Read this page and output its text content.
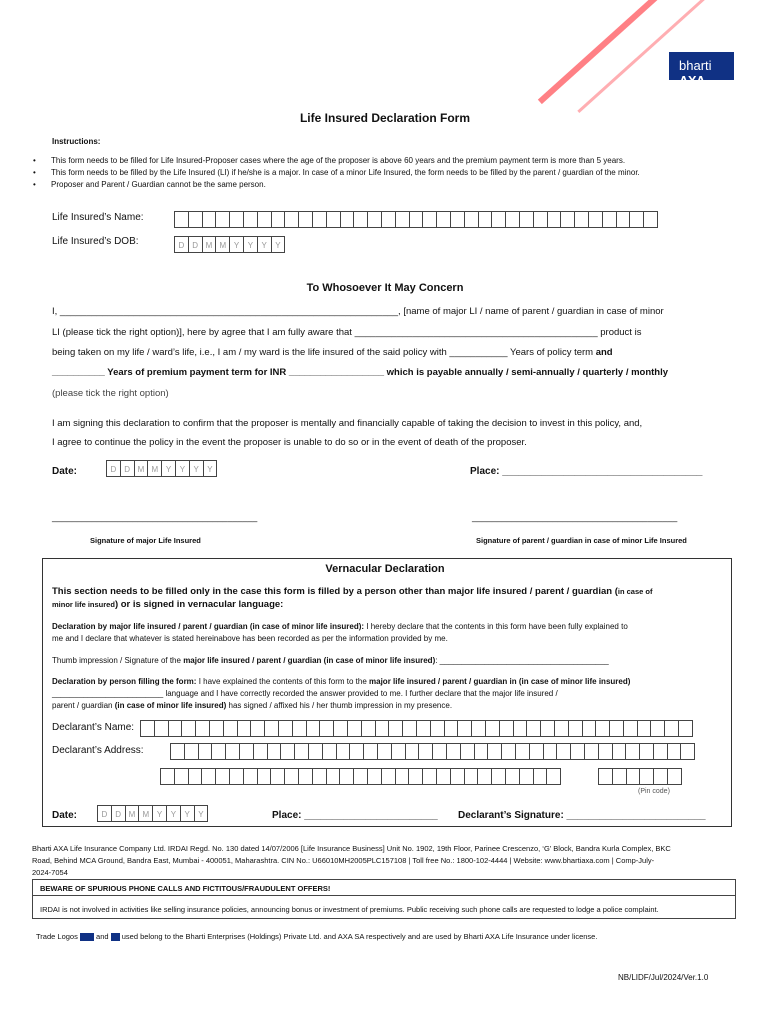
bharti AXA
Life Insured Declaration Form
Instructions:
• This form needs to be filled for Life Insured-Proposer cases where the age of the proposer is above 60 years and the premium payment term is more than 5 years.
• This form needs to be filled by the Life Insured (LI) if he/she is a major. In case of a minor Life Insured, the form needs to be filled by the parent / guardian of the minor.
• Proposer and Parent / Guardian cannot be the same person.
Life Insured’s Name:
Life Insured’s DOB:	D	D M M Y	Y	Y	Y
To Whosoever It May Concern
I, ________________________________________________________________, [name of major LI / name of parent / guardian in case of minor
LI (please tick the right option)], here by agree that I am fully aware that ______________________________________________ product is
being taken on my life / ward’s life, i.e., I am / my ward is the life insured of the said policy with ___________ Years of policy term and
__________ Years of premium payment term for INR __________________ which is payable annually / semi-annually / quarterly / monthly
(please tick the right option)
I am signing this declaration to confirm that the proposer is mentally and financially capable of taking the decision to invest in this policy, and,
I agree to continue the policy in the event the proposer is unable to do so or in the event of death of the proposer.
Date:	D	D M M Y	Y	Y	Y	Place: ____________________________________
_________________________________________	_________________________________________
Signature of major Life Insured	Signature of parent / guardian in case of minor Life Insured
Vernacular Declaration
This section needs to be filled only in the case this form is filled by a person other than major life insured / parent / guardian (in case of
minor life insured) or is signed in vernacular language:
Declaration by major life insured / parent / guardian (in case of minor life insured): I hereby declare that the contents in this form have been fully explained to
me and I declare that whatever is stated hereinabove has been recorded as per the information provided by me.
Thumb impression / Signature of the major life insured / parent / guardian (in case of minor life insured): ______________________________________
Declaration by person filling the form: I have explained the contents of this form to the major life insured / parent / guardian in (in case of minor life insured)
_________________________ language and I have correctly recorded the answer provided to me. I further declare that the major life insured /
parent / guardian (in case of minor life insured) has signed / affixed his / her thumb impression in my presence.
Declarant’s Name:
Declarant’s Address:
(Pin code)
Date:	D	D M M Y	Y	Y	Y	Place: ________________________ Declarant’s Signature: _________________________
Bharti AXA Life Insurance Company Ltd. IRDAI Regd. No. 130 dated 14/07/2006 [Life Insurance Business] Unit No. 1902, 19th Floor, Parinee Crescenzo, ‘G’ Block, Bandra Kurla Complex, BKC
Road, Behind MCA Ground, Bandra East, Mumbai - 400051, Maharashtra. CIN No.: U66010MH2005PLC157108 | Toll free No.: 1800-102-4444 | Website: www.bhartiaxa.com | Comp-July-
2024-7054
BEWARE OF SPURIOUS PHONE CALLS AND FICTITOUS/FRAUDULENT OFFERS!
IRDAI is not involved in activities like selling insurance policies, announcing bonus or investment of premiums. Public receiving such phone calls are requested to lodge a police complaint.
Trade Logos and used belong to the Bharti Enterprises (Holdings) Private Ltd. and AXA SA respectively and are used by Bharti AXA Life Insurance under license.
NB/LIDF/Jul/2024/Ver.1.0
